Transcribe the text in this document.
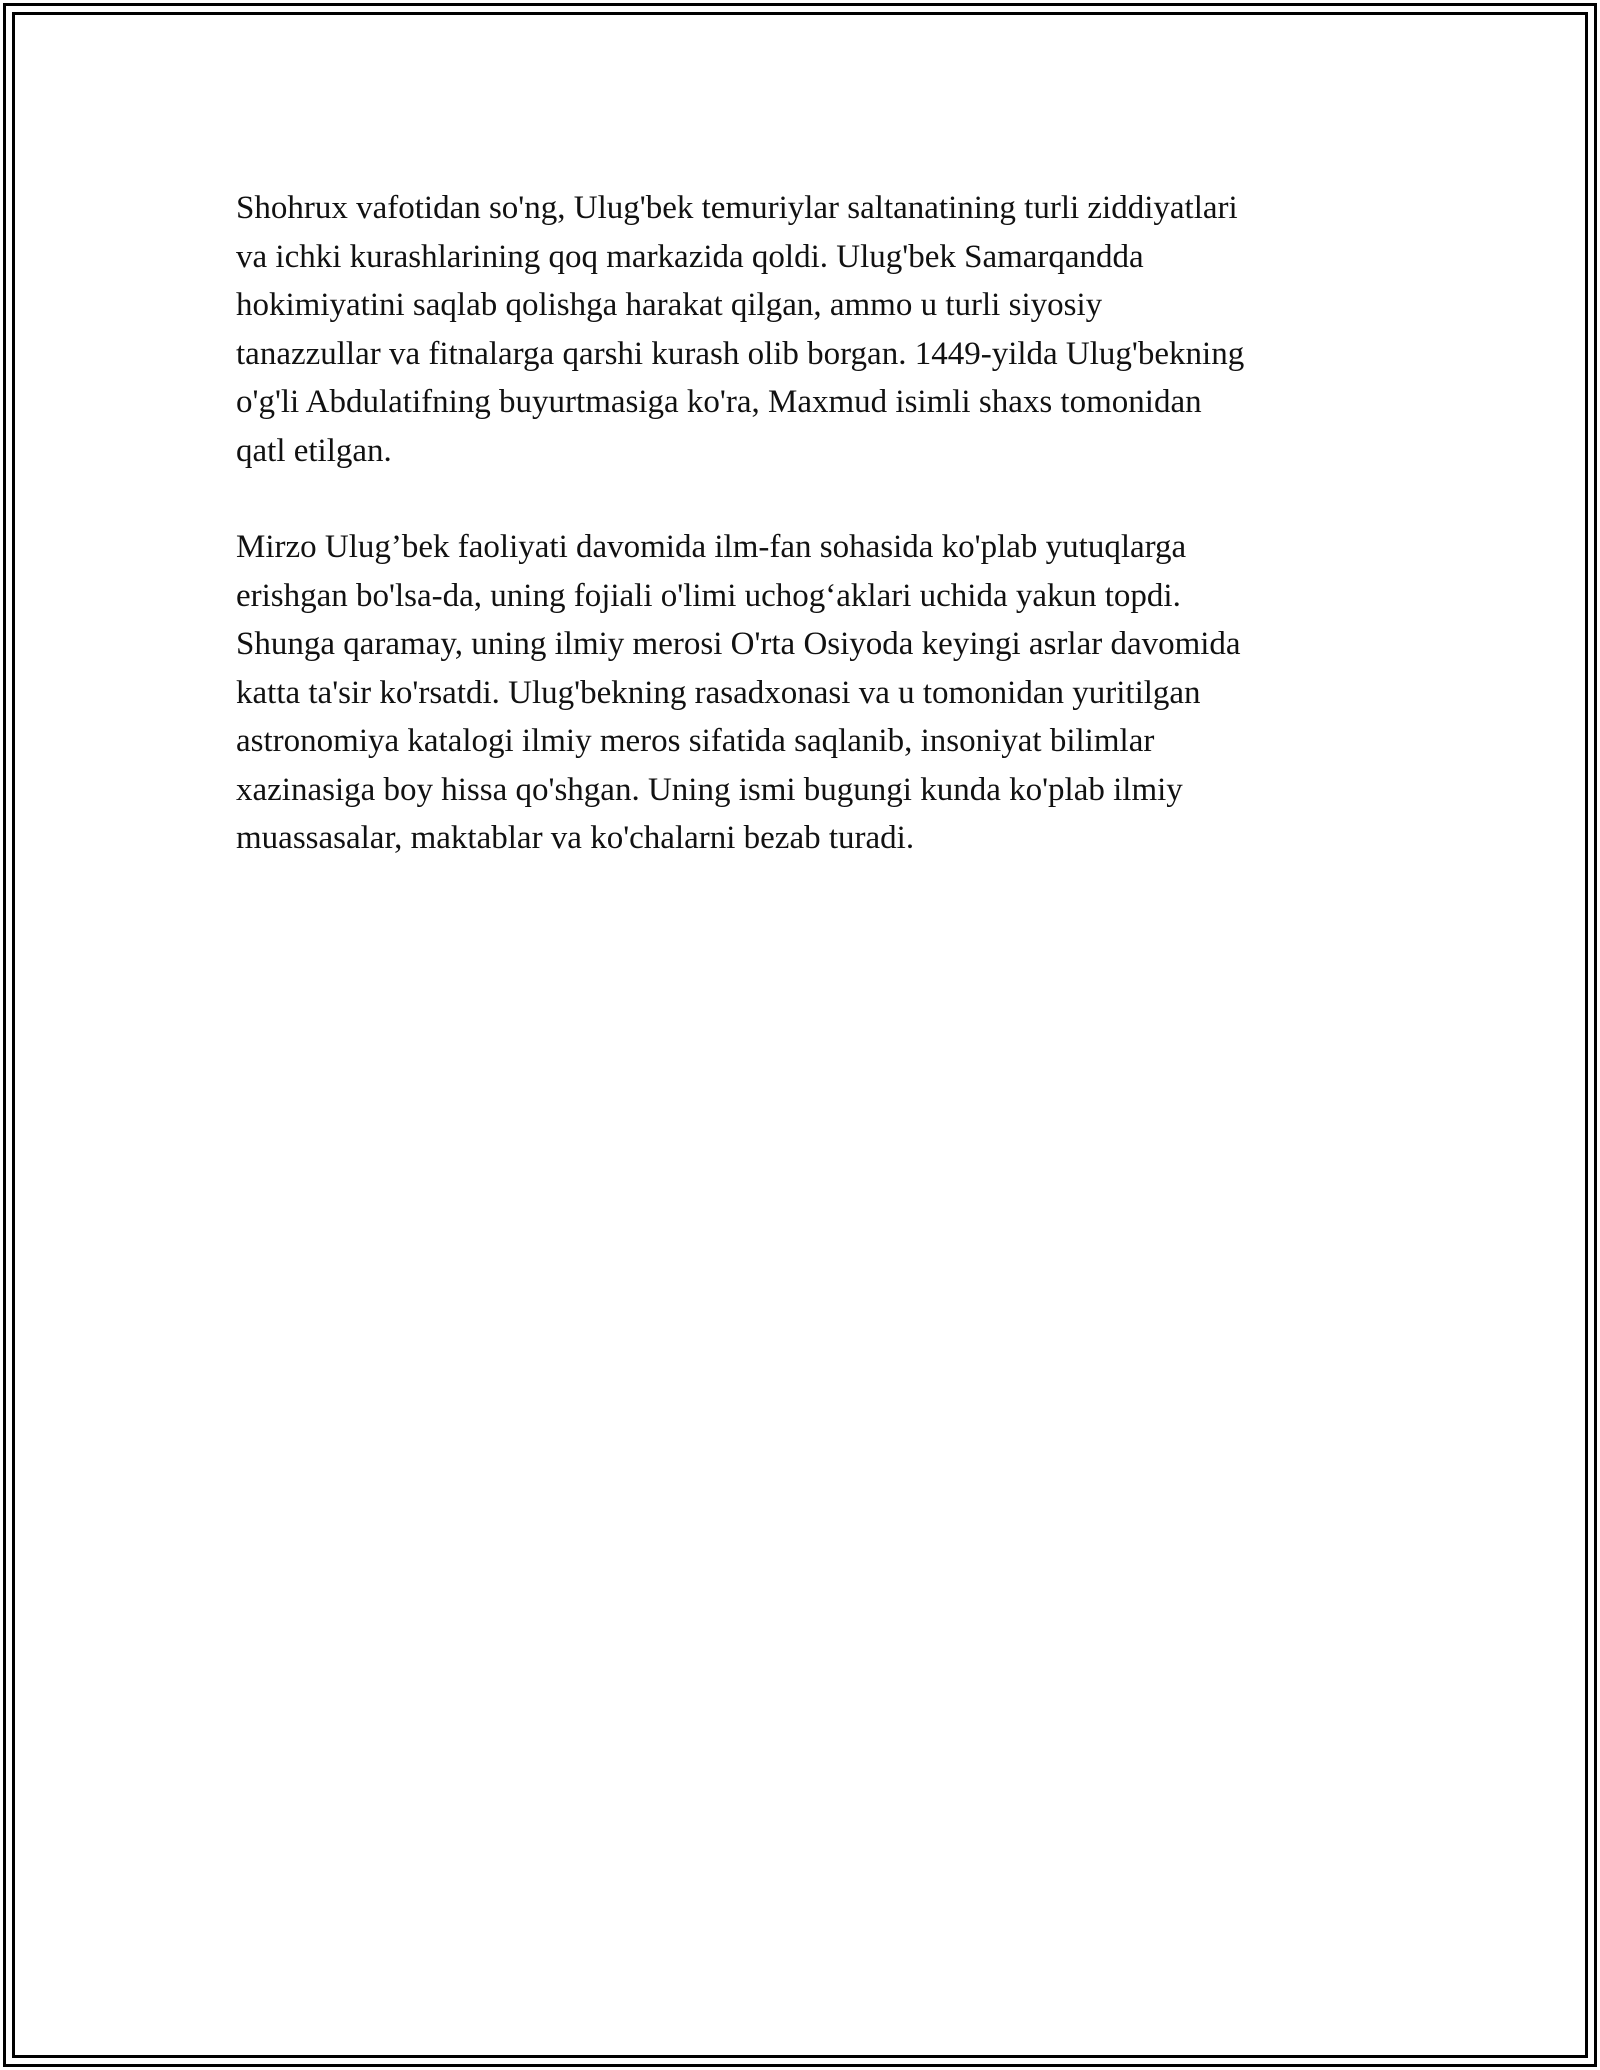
Shohrux vafotidan so'ng, Ulug'bek temuriylar saltanatining turli ziddiyatlari
va ichki kurashlarining qoq markazida qoldi. Ulug'bek Samarqandda
hokimiyatini saqlab qolishga harakat qilgan, ammo u turli siyosiy
tanazzullar va fitnalarga qarshi kurash olib borgan. 1449-yilda Ulug'bekning
o'g'li Abdulatifning buyurtmasiga ko'ra, Maxmud isimli shaxs tomonidan
qatl etilgan.

Mirzo Ulug’bek faoliyati davomida ilm-fan sohasida ko'plab yutuqlarga
erishgan bo'lsa-da, uning fojiali o'limi uchogʻaklari uchida yakun topdi.
Shunga qaramay, uning ilmiy merosi O'rta Osiyoda keyingi asrlar davomida
katta ta'sir ko'rsatdi. Ulug'bekning rasadxonasi va u tomonidan yuritilgan
astronomiya katalogi ilmiy meros sifatida saqlanib, insoniyat bilimlar
xazinasiga boy hissa qo'shgan. Uning ismi bugungi kunda ko'plab ilmiy
muassasalar, maktablar va ko'chalarni bezab turadi.
